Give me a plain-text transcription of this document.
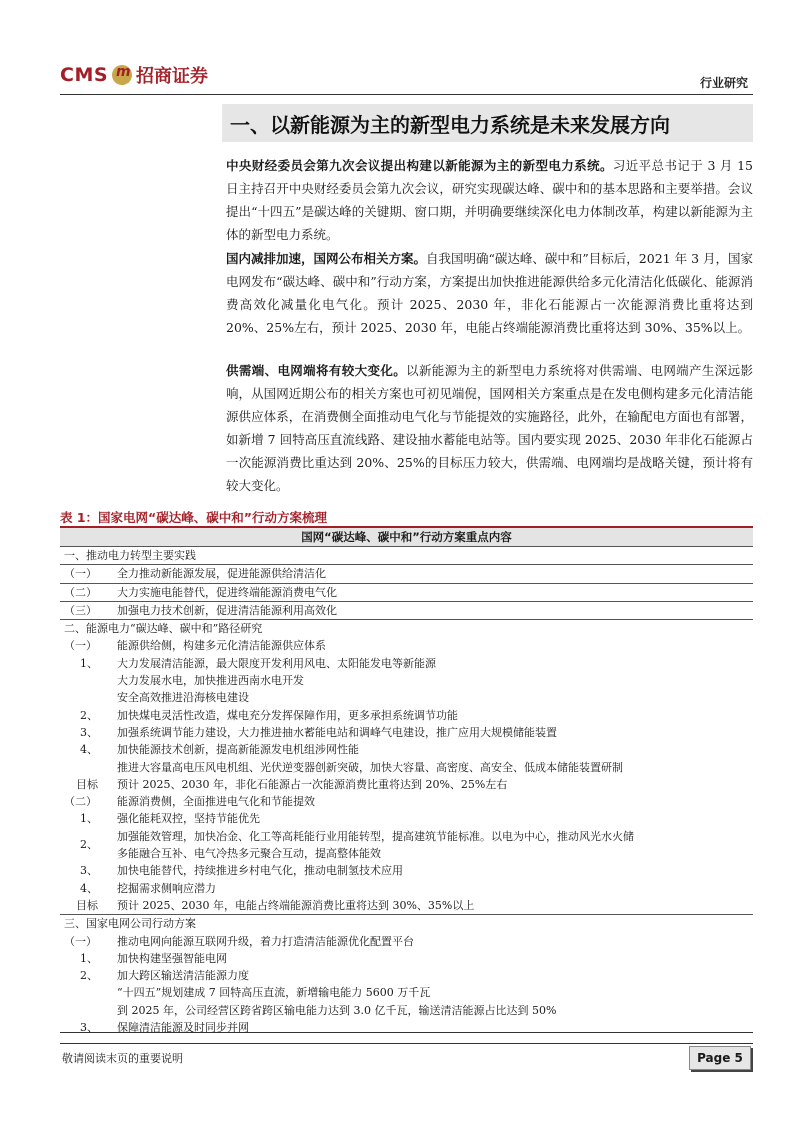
CMS
m 招商证券	行业研究
一、以新能源为主的新型电力系统是未来发展方向
中央财经委员会第九次会议提出构建以新能源为主的新型电力系统。习近平总书记于 3 月 15 日主持召开中央财经委员会第九次会议，研究实现碳达峰、碳中和的基本思路和主要举措。会议提出“十四五”是碳达峰的关键期、窗口期，并明确要继续深化电力体制改革，构建以新能源为主体的新型电力系统。
国内减排加速，国网公布相关方案。自我国明确“碳达峰、碳中和”目标后，2021 年 3 月，国家电网发布“碳达峰、碳中和”行动方案，方案提出加快推进能源供给多元化清洁化低碳化、能源消费高效化减量化电气化。预计 2025、2030 年，非化石能源占一次能源消费比重将达到 20%、25%左右，预计 2025、2030 年，电能占终端能源消费比重将达到 30%、35%以上。
供需端、电网端将有较大变化。以新能源为主的新型电力系统将对供需端、电网端产生深远影响，从国网近期公布的相关方案也可初见端倪，国网相关方案重点是在发电侧构建多元化清洁能源供应体系，在消费侧全面推动电气化与节能提效的实施路径，此外，在输配电方面也有部署，如新增 7 回特高压直流线路、建设抽水蓄能电站等。国内要实现 2025、2030 年非化石能源占一次能源消费比重达到 20%、25%的目标压力较大，供需端、电网端均是战略关键，预计将有较大变化。
表 1：国家电网“碳达峰、碳中和”行动方案梳理
国网“碳达峰、碳中和”行动方案重点内容
一、推动电力转型主要实践
（一） 全力推动新能源发展，促进能源供给清洁化
（二） 大力实施电能替代，促进终端能源消费电气化
（三） 加强电力技术创新，促进清洁能源利用高效化
二、能源电力“碳达峰、碳中和”路径研究
（一） 能源供给侧，构建多元化清洁能源供应体系
1、 大力发展清洁能源，最大限度开发利用风电、太阳能发电等新能源
大力发展水电，加快推进西南水电开发
安全高效推进沿海核电建设
2、 加快煤电灵活性改造，煤电充分发挥保障作用，更多承担系统调节功能
3、 加强系统调节能力建设，大力推进抽水蓄能电站和调峰气电建设，推广应用大规模储能装置
4、 加快能源技术创新，提高新能源发电机组涉网性能
推进大容量高电压风电机组、光伏逆变器创新突破，加快大容量、高密度、高安全、低成本储能装置研制
目标 预计 2025、2030 年，非化石能源占一次能源消费比重将达到 20%、25%左右
（二） 能源消费侧，全面推进电气化和节能提效
1、 强化能耗双控，坚持节能优先
2、
加强能效管理，加快冶金、化工等高耗能行业用能转型，提高建筑节能标准。以电为中心，推动风光水火储
多能融合互补、电气冷热多元聚合互动，提高整体能效
3、 加快电能替代，持续推进乡村电气化，推动电制氢技术应用
4、 挖掘需求侧响应潜力
目标 预计 2025、2030 年，电能占终端能源消费比重将达到 30%、35%以上
三、国家电网公司行动方案
（一） 推动电网向能源互联网升级，着力打造清洁能源优化配置平台
1、 加快构建坚强智能电网
2、 加大跨区输送清洁能源力度
“十四五”规划建成 7 回特高压直流，新增输电能力 5600 万千瓦
到 2025 年，公司经营区跨省跨区输电能力达到 3.0 亿千瓦，输送清洁能源占比达到 50%
3、 保障清洁能源及时同步并网
敬请阅读末页的重要说明	Page 5
